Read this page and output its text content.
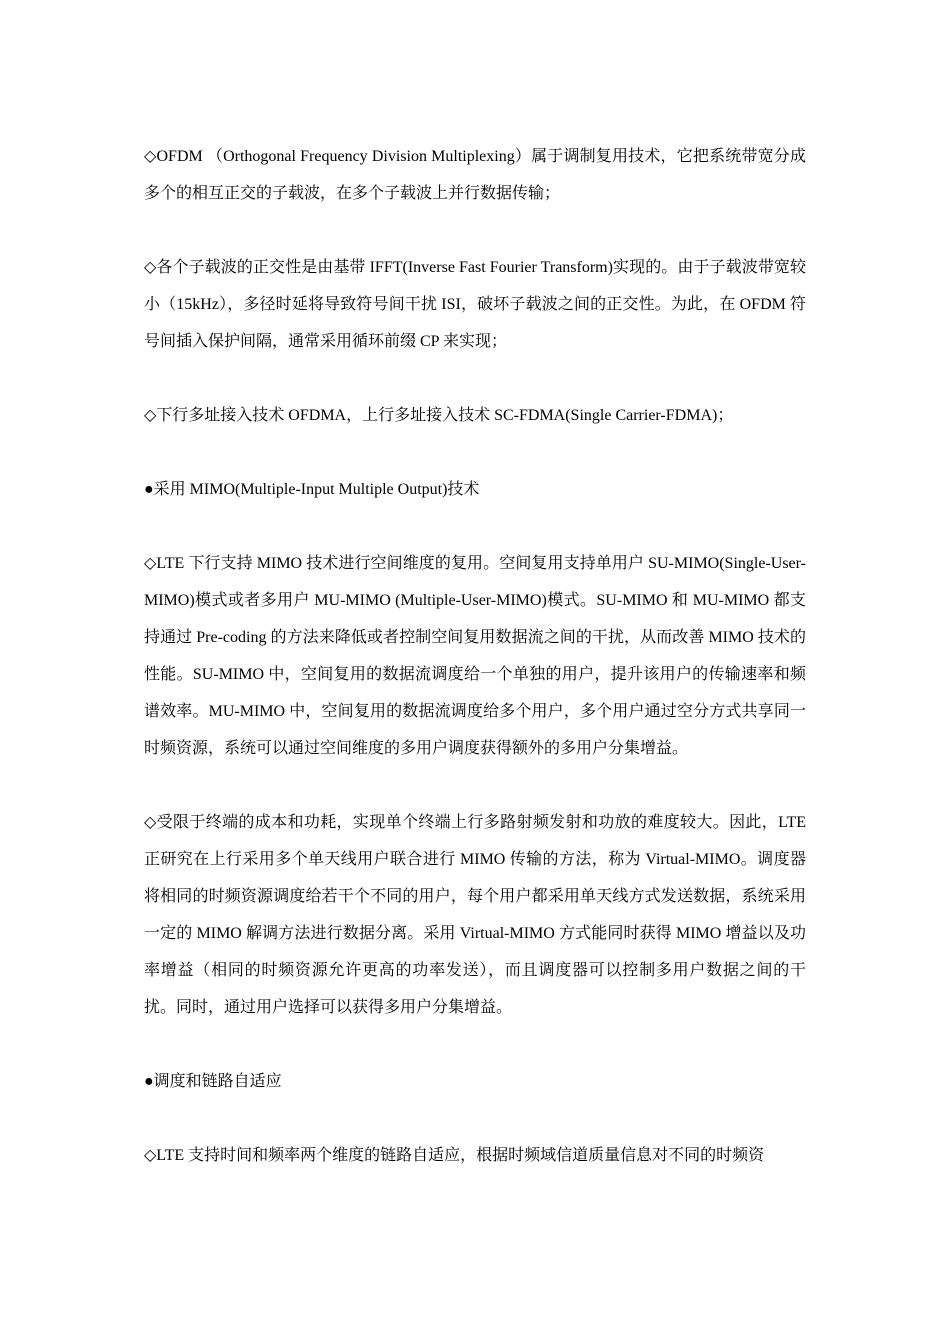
◇OFDM （Orthogonal Frequency Division Multiplexing）属于调制复用技术，它把系统带宽分成多个的相互正交的子载波，在多个子载波上并行数据传输；

◇各个子载波的正交性是由基带 IFFT(Inverse Fast Fourier Transform)实现的。由于子载波带宽较小（15kHz），多径时延将导致符号间干扰 ISI，破坏子载波之间的正交性。为此，在 OFDM 符号间插入保护间隔，通常采用循环前缀 CP 来实现；

◇下行多址接入技术 OFDMA，上行多址接入技术 SC-FDMA(Single Carrier-FDMA)；

●采用 MIMO(Multiple-Input Multiple Output)技术

◇LTE 下行支持 MIMO 技术进行空间维度的复用。空间复用支持单用户 SU-MIMO(Single-User-MIMO)模式或者多用户 MU-MIMO (Multiple-User-MIMO)模式。SU-MIMO 和 MU-MIMO 都支持通过 Pre-coding 的方法来降低或者控制空间复用数据流之间的干扰，从而改善 MIMO 技术的性能。SU-MIMO 中，空间复用的数据流调度给一个单独的用户，提升该用户的传输速率和频谱效率。MU-MIMO 中，空间复用的数据流调度给多个用户，多个用户通过空分方式共享同一时频资源，系统可以通过空间维度的多用户调度获得额外的多用户分集增益。

◇受限于终端的成本和功耗，实现单个终端上行多路射频发射和功放的难度较大。因此，LTE 正研究在上行采用多个单天线用户联合进行 MIMO 传输的方法，称为 Virtual-MIMO。调度器将相同的时频资源调度给若干个不同的用户，每个用户都采用单天线方式发送数据，系统采用一定的 MIMO 解调方法进行数据分离。采用 Virtual-MIMO 方式能同时获得 MIMO 增益以及功率增益（相同的时频资源允许更高的功率发送），而且调度器可以控制多用户数据之间的干扰。同时，通过用户选择可以获得多用户分集增益。

●调度和链路自适应

◇LTE 支持时间和频率两个维度的链路自适应，根据时频域信道质量信息对不同的时频资
